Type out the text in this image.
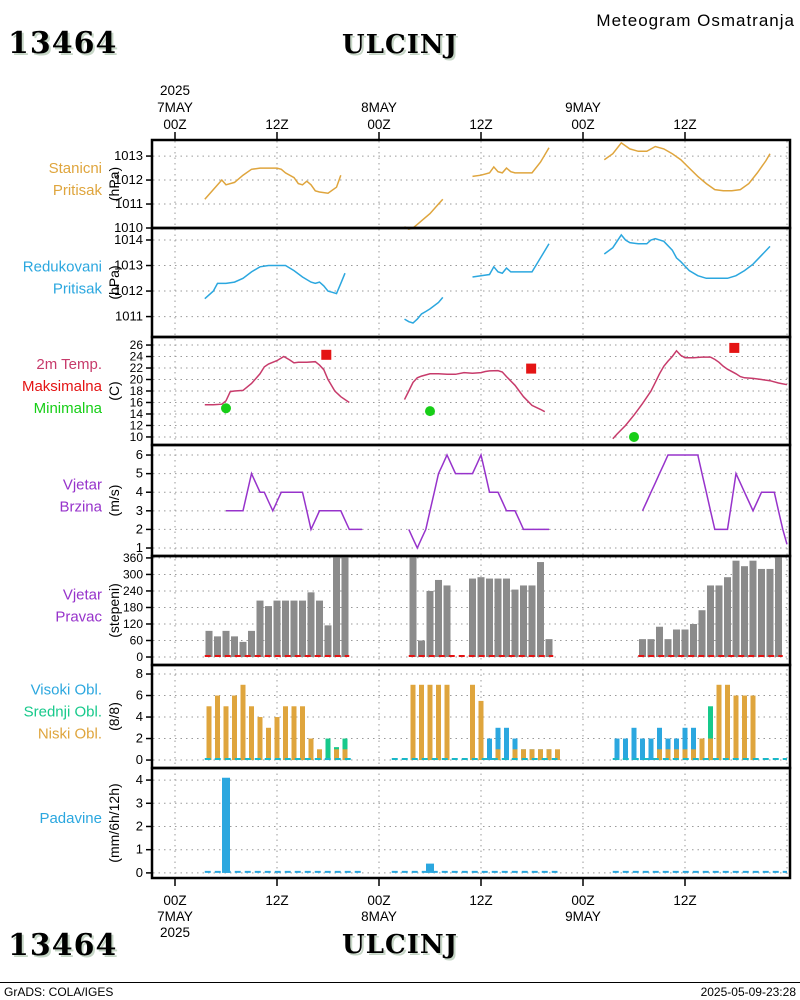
13464	ULCINJ
Meteogram Osmatranja
1010
1011
1012
1013
Stanicni
Pritisak (hPa)
1011
1012
1013
1014
Redukovani
Pritisak (hPa)
10
12
14
16
18
20
22
24
26
2m Temp.
Maksimalna
Minimalna
(C)
1
2
3
4
5
6
Vjetar
Brzina (m/s)
0
60
120
180
240
300
360
Vjetar
Pravac (stepeni)
0
2
4
6
8
Visoki Obl.
Srednji Obl.
Niski Obl.
(8/8)
0
1
2
3
4
Padavine (mm/6h/12h)
00Z
00Z
7MAY
7MAY
2025
2025
12Z
12Z
00Z
00Z
8MAY
8MAY
12Z
12Z
00Z
00Z
9MAY
9MAY
12Z
12Z
13464	ULCINJ
GrADS: COLA/IGES	2025-05-09-23:28
